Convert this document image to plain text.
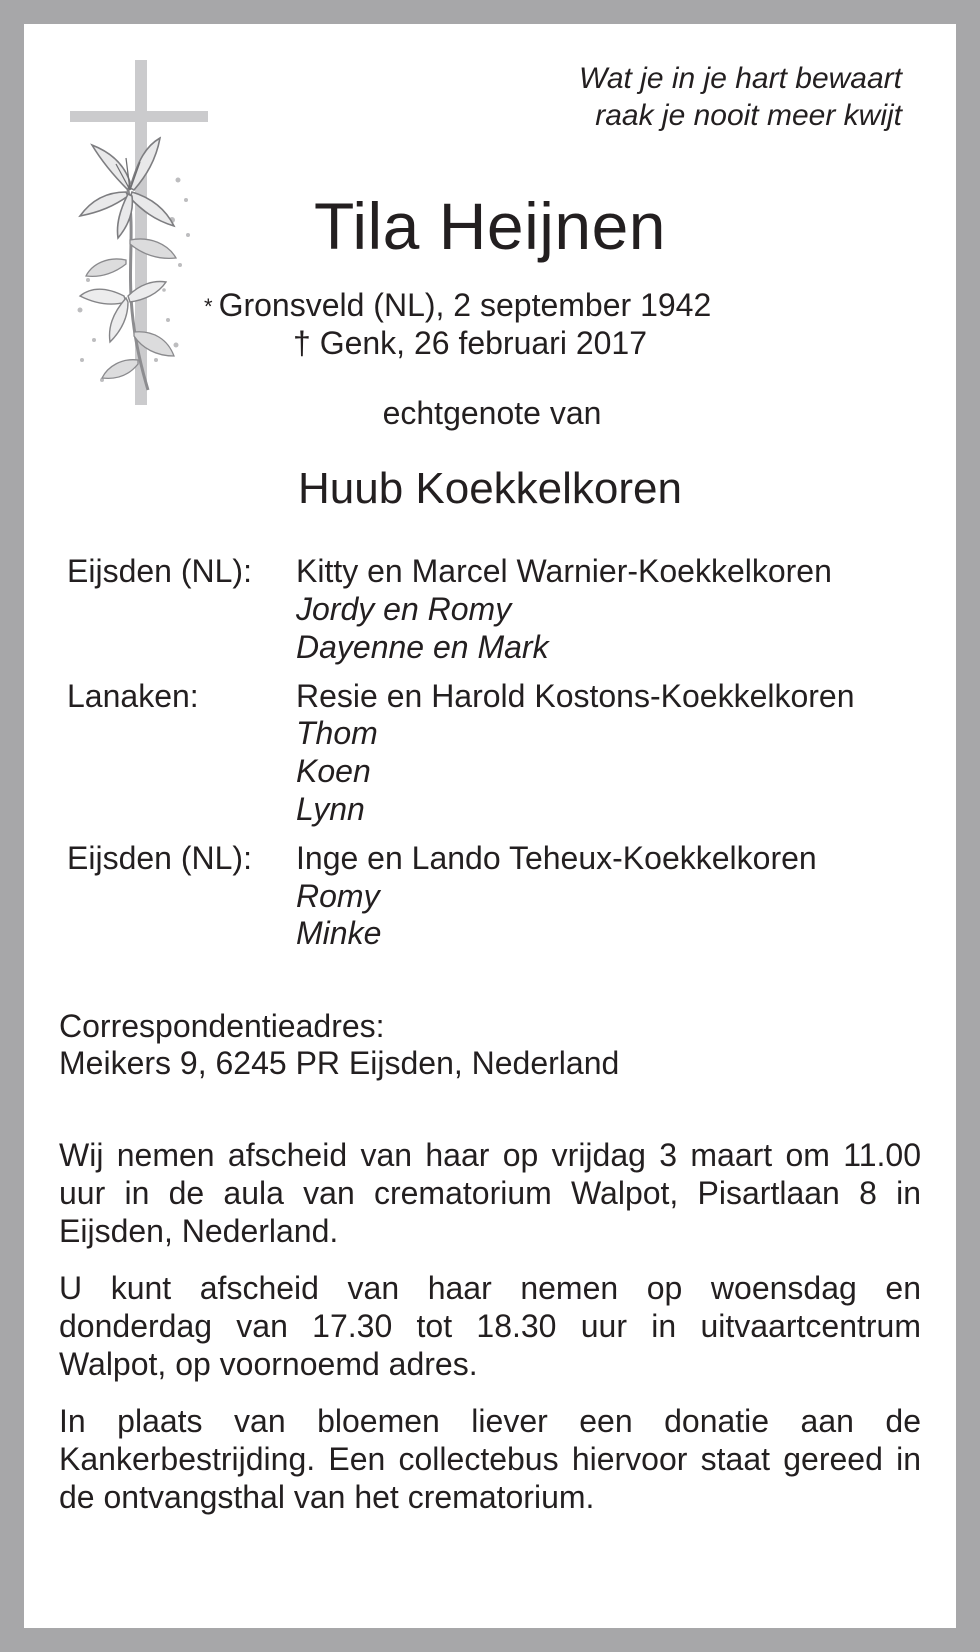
Wat je in je hart bewaart
raak je nooit meer kwijt
Tila Heijnen
* Gronsveld (NL), 2 september 1942
† Genk, 26 februari 2017
echtgenote van
Huub Koekkelkoren
Eijsden (NL): Kitty en Marcel Warnier-Koekkelkoren
Jordy en Romy
Dayenne en Mark
Lanaken:	Resie en Harold Kostons-Koekkelkoren
Thom
Koen
Lynn
Eijsden (NL): Inge en Lando Teheux-Koekkelkoren
Romy
Minke
Correspondentieadres:
Meikers 9, 6245 PR Eijsden, Nederland
Wij nemen afscheid van haar op vrijdag 3 maart om 11.00 uur in de aula van crematorium Walpot, Pisartlaan 8 in Eijsden, Nederland.
U kunt afscheid van haar nemen op woensdag en donderdag van 17.30 tot 18.30 uur in uitvaartcentrum Walpot, op voornoemd adres.
In plaats van bloemen liever een donatie aan de Kankerbestrijding. Een collectebus hiervoor staat gereed in de ontvangsthal van het crematorium.
